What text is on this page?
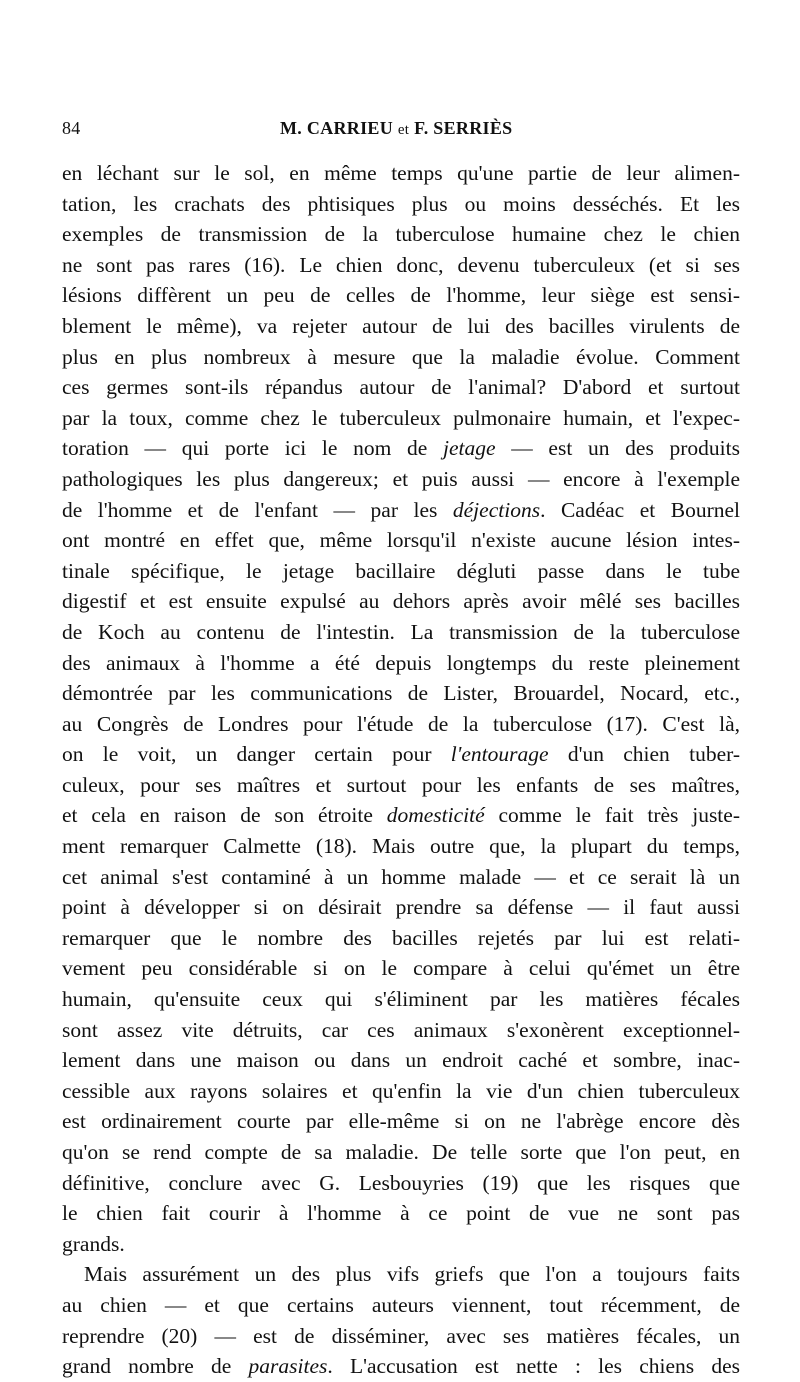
84	M. CARRIEU et F. SERRIÈS
en léchant sur le sol, en même temps qu'une partie de leur alimen-
tation, les crachats des phtisiques plus ou moins desséchés. Et les
exemples de transmission de la tuberculose humaine chez le chien
ne sont pas rares (16). Le chien donc, devenu tuberculeux (et si ses
lésions diffèrent un peu de celles de l'homme, leur siège est sensi-
blement le même), va rejeter autour de lui des bacilles virulents de
plus en plus nombreux à mesure que la maladie évolue. Comment
ces germes sont-ils répandus autour de l'animal? D'abord et surtout
par la toux, comme chez le tuberculeux pulmonaire humain, et l'expec-
toration — qui porte ici le nom de jetage — est un des produits
pathologiques les plus dangereux; et puis aussi — encore à l'exemple
de l'homme et de l'enfant — par les déjections. Cadéac et Bournel
ont montré en effet que, même lorsqu'il n'existe aucune lésion intes-
tinale spécifique, le jetage bacillaire dégluti passe dans le tube
digestif et est ensuite expulsé au dehors après avoir mêlé ses bacilles
de Koch au contenu de l'intestin. La transmission de la tuberculose
des animaux à l'homme a été depuis longtemps du reste pleinement
démontrée par les communications de Lister, Brouardel, Nocard, etc.,
au Congrès de Londres pour l'étude de la tuberculose (17). C'est là,
on le voit, un danger certain pour l'entourage d'un chien tuber-
culeux, pour ses maîtres et surtout pour les enfants de ses maîtres,
et cela en raison de son étroite domesticité comme le fait très juste-
ment remarquer Calmette (18). Mais outre que, la plupart du temps,
cet animal s'est contaminé à un homme malade — et ce serait là un
point à développer si on désirait prendre sa défense — il faut aussi
remarquer que le nombre des bacilles rejetés par lui est relati-
vement peu considérable si on le compare à celui qu'émet un être
humain, qu'ensuite ceux qui s'éliminent par les matières fécales
sont assez vite détruits, car ces animaux s'exonèrent exceptionnel-
lement dans une maison ou dans un endroit caché et sombre, inac-
cessible aux rayons solaires et qu'enfin la vie d'un chien tuberculeux
est ordinairement courte par elle-même si on ne l'abrège encore dès
qu'on se rend compte de sa maladie. De telle sorte que l'on peut, en
définitive, conclure avec G. Lesbouyries (19) que les risques que
le chien fait courir à l'homme à ce point de vue ne sont pas
grands.
Mais assurément un des plus vifs griefs que l'on a toujours faits
au chien — et que certains auteurs viennent, tout récemment, de
reprendre (20) — est de disséminer, avec ses matières fécales, un
grand nombre de parasites. L'accusation est nette : les chiens des
